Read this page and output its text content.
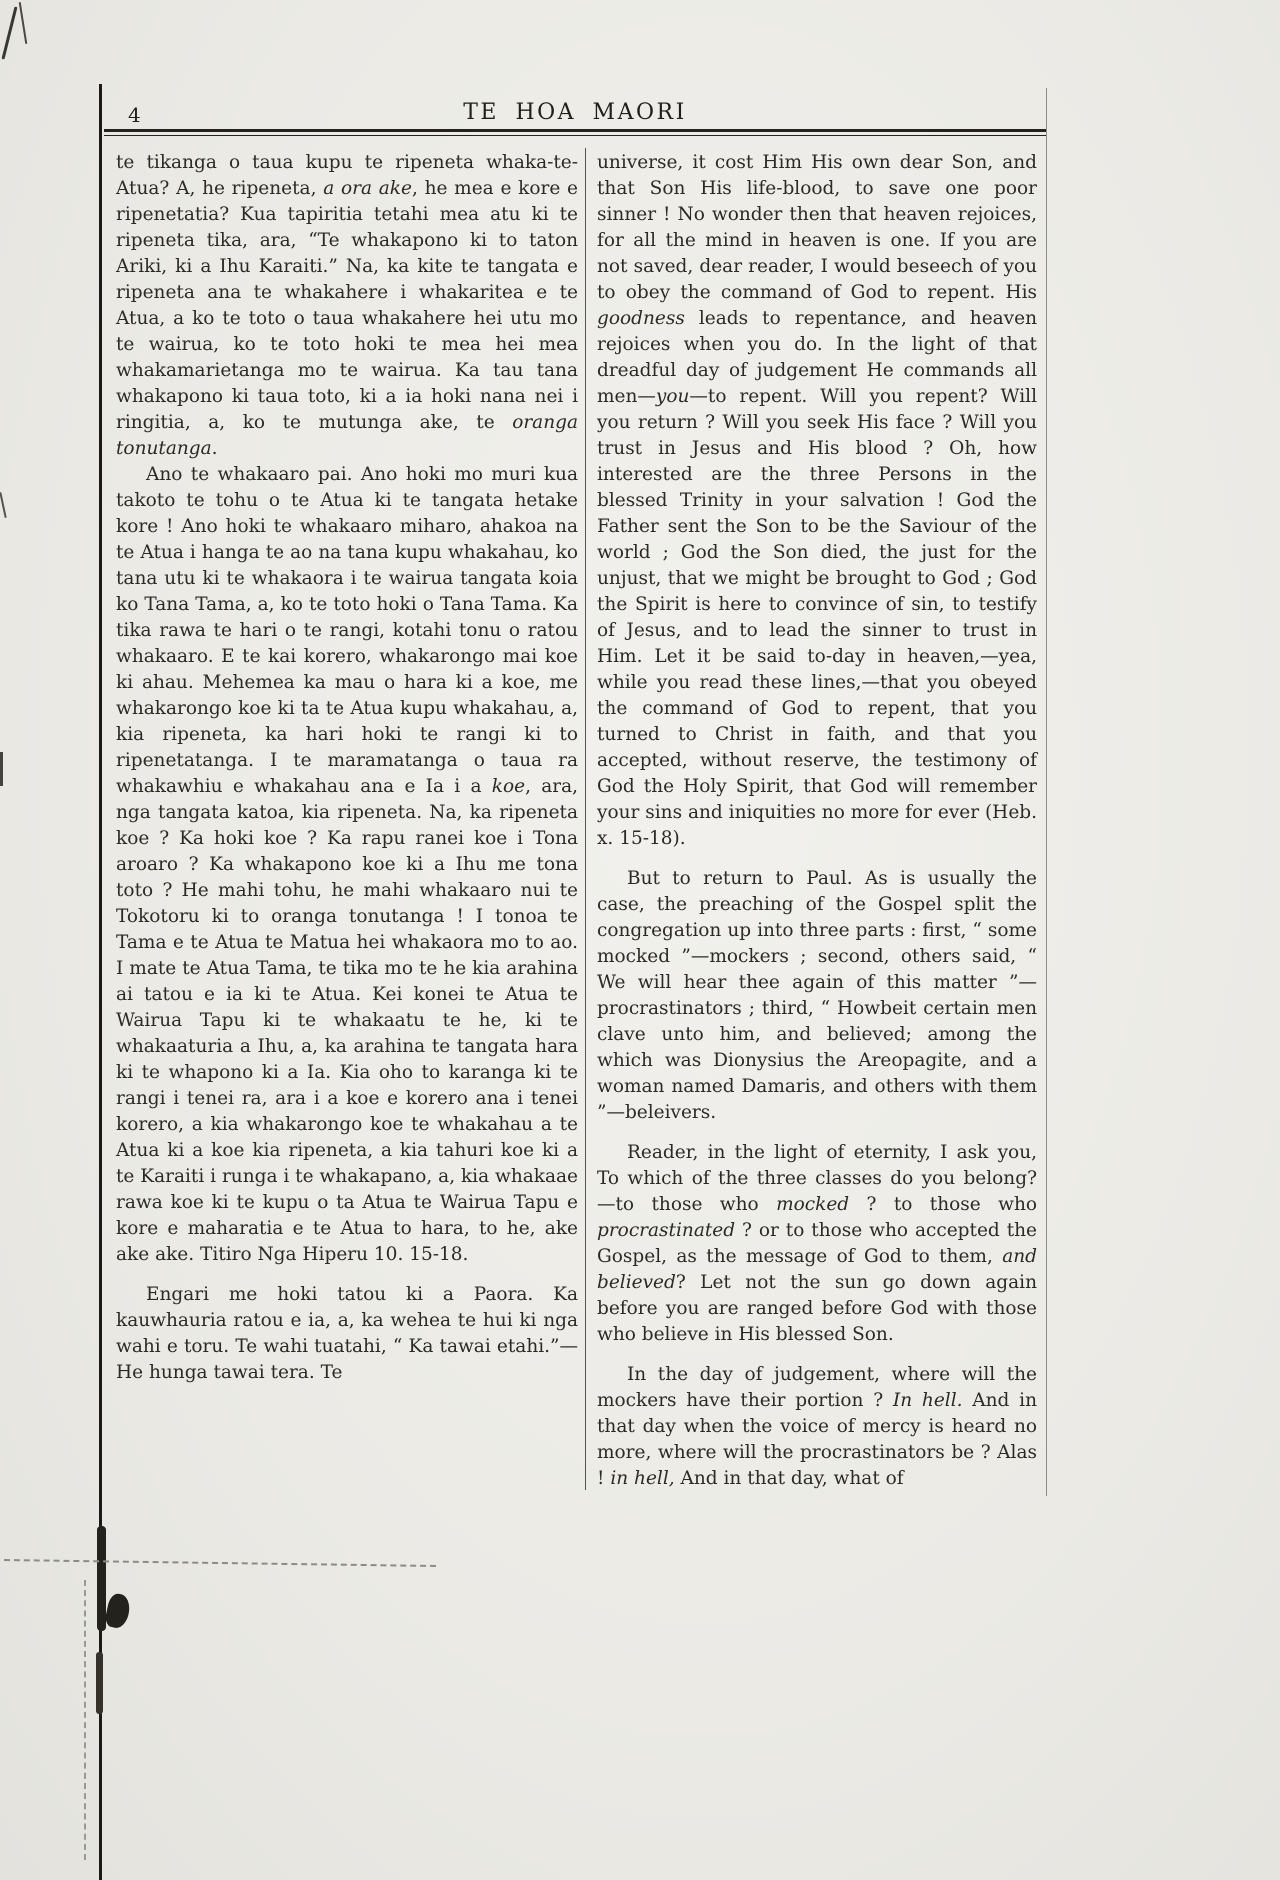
4	TE HOA MAORI

te tikanga o taua kupu te ripeneta whaka-te-Atua? A, he ripeneta, a ora ake, he mea e kore e ripenetatia? Kua tapiritia tetahi mea atu ki te ripeneta tika, ara, “Te whakapono ki to taton Ariki, ki a Ihu Karaiti.” Na, ka kite te tangata e ripeneta ana te whakahere i whakaritea e te Atua, a ko te toto o taua whakahere hei utu mo te wairua, ko te toto hoki te mea hei mea whakamarietanga mo te wairua. Ka tau tana whakapono ki taua toto, ki a ia hoki nana nei i ringitia, a, ko te mutunga ake, te oranga tonutanga.

Ano te whakaaro pai. Ano hoki mo muri kua takoto te tohu o te Atua ki te tangata hetake kore ! Ano hoki te whakaaro miharo, ahakoa na te Atua i hanga te ao na tana kupu whakahau, ko tana utu ki te whakaora i te wairua tangata koia ko Tana Tama, a, ko te toto hoki o Tana Tama. Ka tika rawa te hari o te rangi, kotahi tonu o ratou whakaaro. E te kai korero, whakarongo mai koe ki ahau. Mehemea ka mau o hara ki a koe, me whakarongo koe ki ta te Atua kupu whakahau, a, kia ripeneta, ka hari hoki te rangi ki to ripenetatanga. I te maramatanga o taua ra whakawhiu e whakahau ana e Ia i a koe, ara, nga tangata katoa, kia ripeneta. Na, ka ripeneta koe ? Ka hoki koe ? Ka rapu ranei koe i Tona aroaro ? Ka whakapono koe ki a Ihu me tona toto ? He mahi tohu, he mahi whakaaro nui te Tokotoru ki to oranga tonutanga ! I tonoa te Tama e te Atua te Matua hei whakaora mo to ao. I mate te Atua Tama, te tika mo te he kia arahina ai tatou e ia ki te Atua. Kei konei te Atua te Wairua Tapu ki te whakaatu te he, ki te whakaaturia a Ihu, a, ka arahina te tangata hara ki te whapono ki a Ia. Kia oho to karanga ki te rangi i tenei ra, ara i a koe e korero ana i tenei korero, a kia whakarongo koe te whakahau a te Atua ki a koe kia ripeneta, a kia tahuri koe ki a te Karaiti i runga i te whakapano, a, kia whakaae rawa koe ki te kupu o ta Atua te Wairua Tapu e kore e maharatia e te Atua to hara, to he, ake ake ake. Titiro Nga Hiperu 10. 15-18.

Engari me hoki tatou ki a Paora. Ka kauwhauria ratou e ia, a, ka wehea te hui ki nga wahi e toru. Te wahi tuatahi, “ Ka tawai etahi.”—He hunga tawai tera. Te

universe, it cost Him His own dear Son, and that Son His life-blood, to save one poor sinner ! No wonder then that heaven rejoices, for all the mind in heaven is one. If you are not saved, dear reader, I would beseech of you to obey the command of God to repent. His goodness leads to repentance, and heaven rejoices when you do. In the light of that dreadful day of judgement He commands all men—you—to repent. Will you repent? Will you return ? Will you seek His face ? Will you trust in Jesus and His blood ? Oh, how interested are the three Persons in the blessed Trinity in your salvation ! God the Father sent the Son to be the Saviour of the world ; God the Son died, the just for the unjust, that we might be brought to God ; God the Spirit is here to convince of sin, to testify of Jesus, and to lead the sinner to trust in Him. Let it be said to-day in heaven,—yea, while you read these lines,—that you obeyed the command of God to repent, that you turned to Christ in faith, and that you accepted, without reserve, the testimony of God the Holy Spirit, that God will remember your sins and iniquities no more for ever (Heb. x. 15-18).

But to return to Paul. As is usually the case, the preaching of the Gospel split the congregation up into three parts : first, “ some mocked ”—mockers ; second, others said, “ We will hear thee again of this matter ”—procrastinators ; third, “ Howbeit certain men clave unto him, and believed; among the which was Dionysius the Areopagite, and a woman named Damaris, and others with them ”—beleivers.

Reader, in the light of eternity, I ask you, To which of the three classes do you belong? —to those who mocked ? to those who procrastinated ? or to those who accepted the Gospel, as the message of God to them, and believed? Let not the sun go down again before you are ranged before God with those who believe in His blessed Son.

In the day of judgement, where will the mockers have their portion ? In hell. And in that day when the voice of mercy is heard no more, where will the procrastinators be ? Alas ! in hell, And in that day, what of
